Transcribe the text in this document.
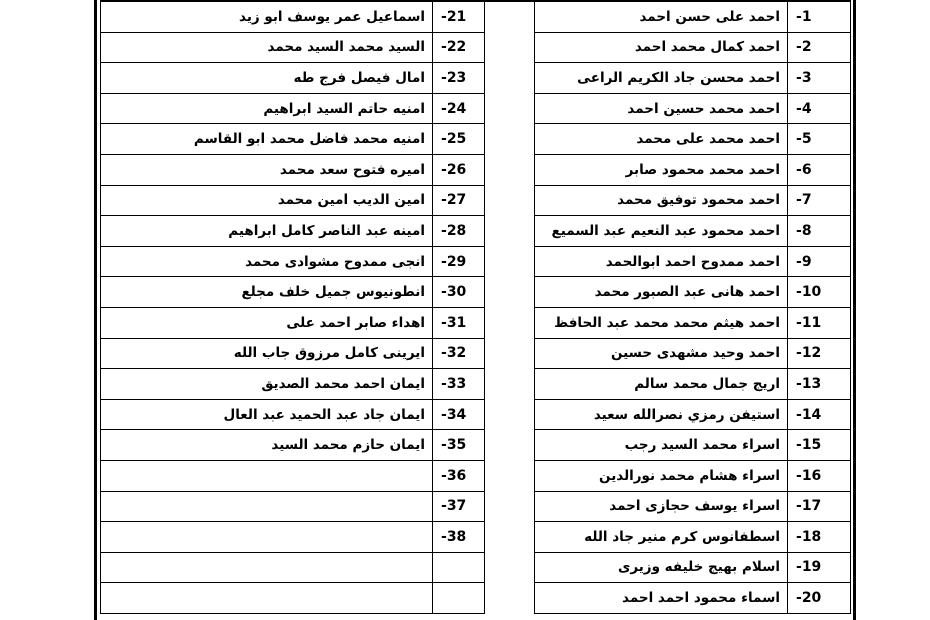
1-	احمد على حسن احمد		21-	اسماعيل عمر يوسف ابو زيد
2-	احمد كمال محمد احمد		22-	السيد محمد السيد محمد
3-	احمد محسن جاد الكريم الراعى		23-	امال فيصل فرج طه
4-	احمد محمد حسين احمد		24-	امنيه حاتم السيد ابراهيم
5-	احمد محمد على محمد		25-	امنيه محمد فاضل محمد ابو القاسم
6-	احمد محمد محمود صابر		26-	اميره فتوح سعد محمد
7-	احمد محمود توفيق محمد		27-	امين الديب امين محمد
8-	احمد محمود عبد النعيم عبد السميع		28-	امينه عبد الناصر كامل ابراهيم
9-	احمد ممدوح احمد ابوالحمد		29-	انجى ممدوح مشوادى محمد
10-	احمد هانى عبد الصبور محمد		30-	انطونيوس جميل خلف مجلع
11-	احمد هيثم محمد محمد عبد الحافظ		31-	اهداء صابر احمد على
12-	احمد وحيد مشهدى حسين		32-	ايرينى كامل مرزوق جاب الله
13-	اريج جمال محمد سالم		33-	ايمان احمد محمد الصديق
14-	استيفن رمزي نصرالله سعيد		34-	ايمان جاد عبد الحميد عبد العال
15-	اسراء محمد السيد رجب		35-	ايمان حازم محمد السيد
16-	اسراء هشام محمد نورالدين		36-	
17-	اسراء يوسف حجازى احمد		37-	
18-	اسطفانوس كرم منير جاد الله		38-	
19-	اسلام بهيج خليفه وزيرى			
20-	اسماء محمود احمد احمد			
